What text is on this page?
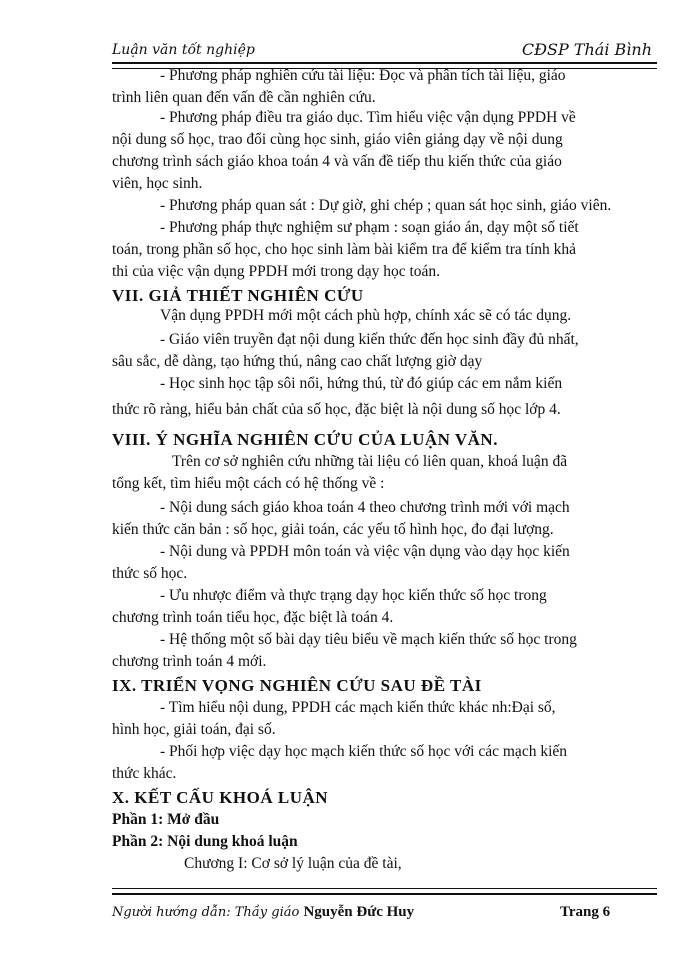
Luận văn tốt nghiệp	CĐSP Thái Bình
- Phương pháp nghiên cứu tài liệu: Đọc và phân tích tài liệu, giáo
trình liên quan đến vấn đề cần nghiên cứu.
- Phương pháp điều tra giáo dục. Tìm hiểu việc vận dụng PPDH về
nội dung số học, trao đổi cùng học sinh, giáo viên giảng dạy về nội dung
chương trình sách giáo khoa toán 4 và vấn đề tiếp thu kiến thức của giáo
viên, học sinh.
- Phương pháp quan sát : Dự giờ, ghi chép ; quan sát học sinh, giáo viên.
- Phương pháp thực nghiệm sư phạm : soạn giáo án, dạy một số tiết
toán, trong phần số học, cho học sinh làm bài kiểm tra để kiểm tra tính khả
thi của việc vận dụng PPDH mới trong dạy học toán.
VII. GIẢ THIẾT NGHIÊN CỨU
Vận dụng PPDH mới một cách phù hợp, chính xác sẽ có tác dụng.
- Giáo viên truyền đạt nội dung kiến thức đến học sinh đầy đủ nhất,
sâu sắc, dễ dàng, tạo hứng thú, nâng cao chất lượng giờ dạy
- Học sinh học tập sôi nổi, hứng thú, từ đó giúp các em nắm kiến
thức rõ ràng, hiểu bản chất của số học, đặc biệt là nội dung số học lớp 4.
VIII. Ý NGHĨA NGHIÊN CỨU CỦA LUẬN VĂN.
Trên cơ sở nghiên cứu những tài liệu có liên quan, khoá luận đã
tổng kết, tìm hiểu một cách có hệ thống về :
- Nội dung sách giáo khoa toán 4 theo chương trình mới với mạch
kiến thức căn bản : số học, giải toán, các yếu tố hình học, đo đại lượng.
- Nội dung và PPDH môn toán và việc vận dụng vào dạy học kiến
thức số học.
- Ưu nhược điểm và thực trạng dạy học kiến thức số học trong
chương trình toán tiểu học, đặc biệt là toán 4.
- Hệ thống một số bài dạy tiêu biểu về mạch kiến thức số học trong
chương trình toán 4 mới.
IX. TRIỂN VỌNG NGHIÊN CỨU SAU ĐỀ TÀI
- Tìm hiểu nội dung, PPDH các mạch kiến thức khác nh:Đại số,
hình học, giải toán, đại số.
- Phối hợp việc dạy học mạch kiến thức số học với các mạch kiến
thức khác.
X. KẾT CẤU KHOÁ LUẬN
Phần 1: Mở đầu
Phần 2: Nội dung khoá luận
Chương I: Cơ sở lý luận của đề tài,
Người hướng dẫn: Thầy giáo Nguyễn Đức Huy	Trang 6
